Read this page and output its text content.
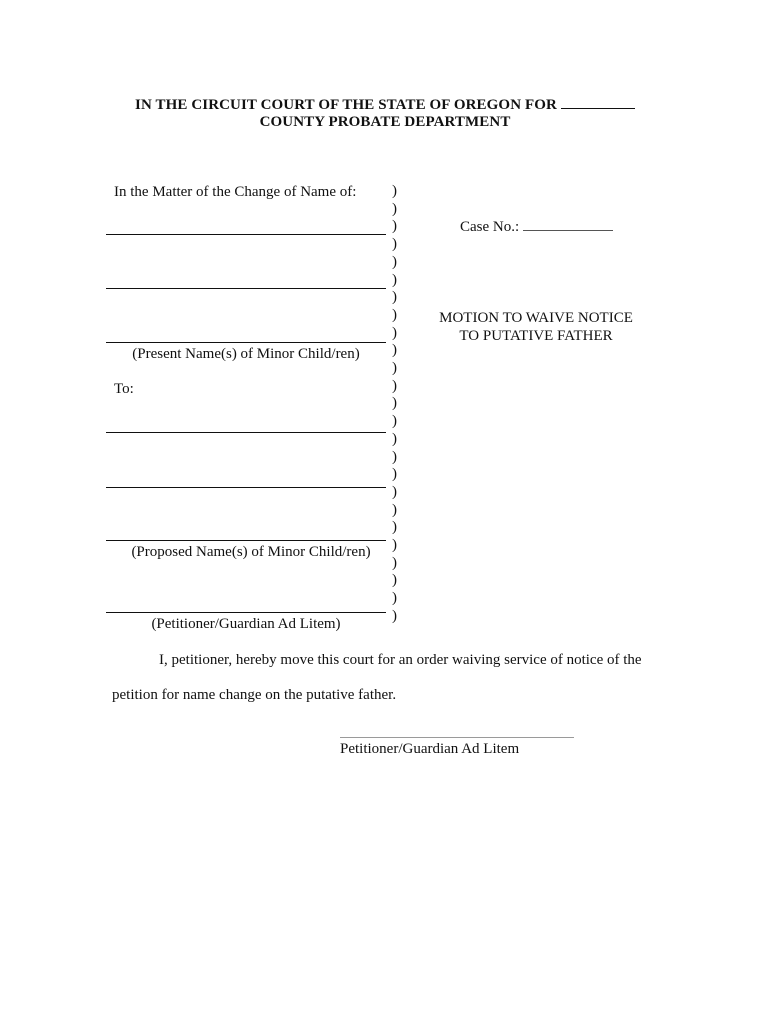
IN THE CIRCUIT COURT OF THE STATE OF OREGON FOR
COUNTY PROBATE DEPARTMENT
In the Matter of the Change of Name of:
(Present Name(s) of Minor Child/ren)
To:
(Proposed Name(s) of Minor Child/ren)
(Petitioner/Guardian Ad Litem)
)
)
)
)
)
)
)
)
)
)
)
)
)
)
)
)
)
)
)
)
)
)
)
)
)
Case No.:
MOTION TO WAIVE NOTICE
TO PUTATIVE FATHER
I, petitioner, hereby move this court for an order waiving service of notice of the
petition for name change on the putative father.
Petitioner/Guardian Ad Litem
